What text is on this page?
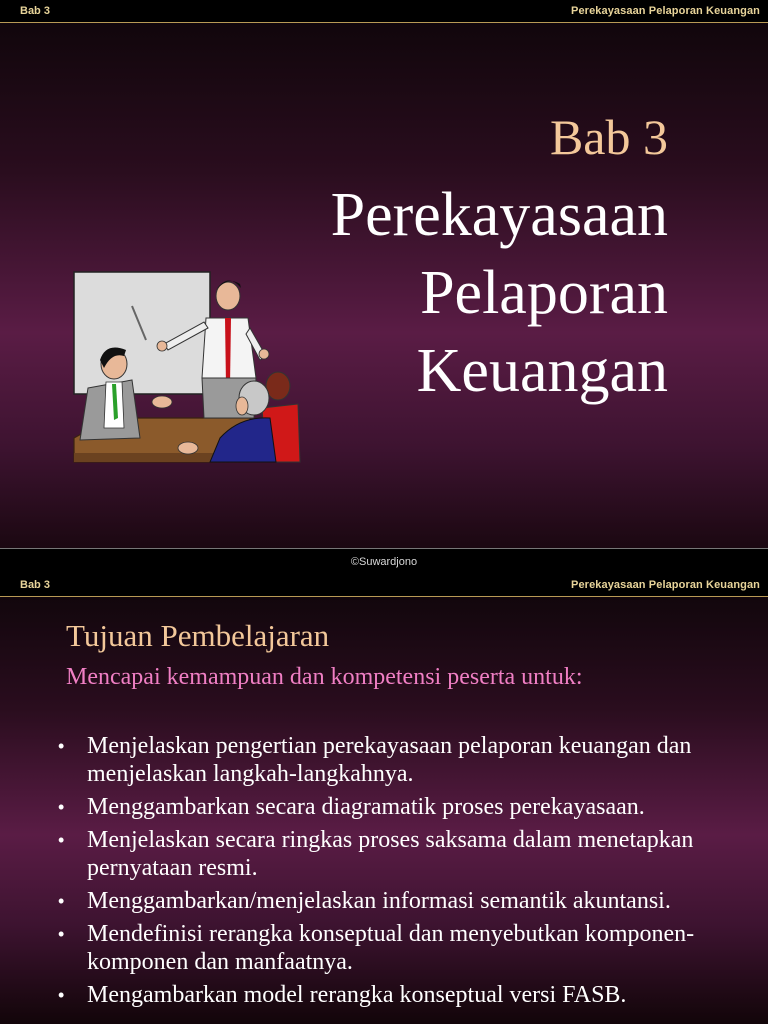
Bab 3	Perekayasaan Pelaporan Keuangan
Bab 3
Perekayasaan
Pelaporan
Keuangan
©Suwardjono
Bab 3	Perekayasaan Pelaporan Keuangan
Tujuan Pembelajaran
Mencapai kemampuan dan kompetensi peserta untuk:
• Menjelaskan pengertian perekayasaan pelaporan keuangan dan menjelaskan langkah-langkahnya.
• Menggambarkan secara diagramatik proses perekayasaan.
• Menjelaskan secara ringkas proses saksama dalam menetapkan pernyataan resmi.
• Menggambarkan/menjelaskan informasi semantik akuntansi.
• Mendefinisi rerangka konseptual dan menyebutkan komponen-komponen dan manfaatnya.
• Mengambarkan model rerangka konseptual versi FASB.
